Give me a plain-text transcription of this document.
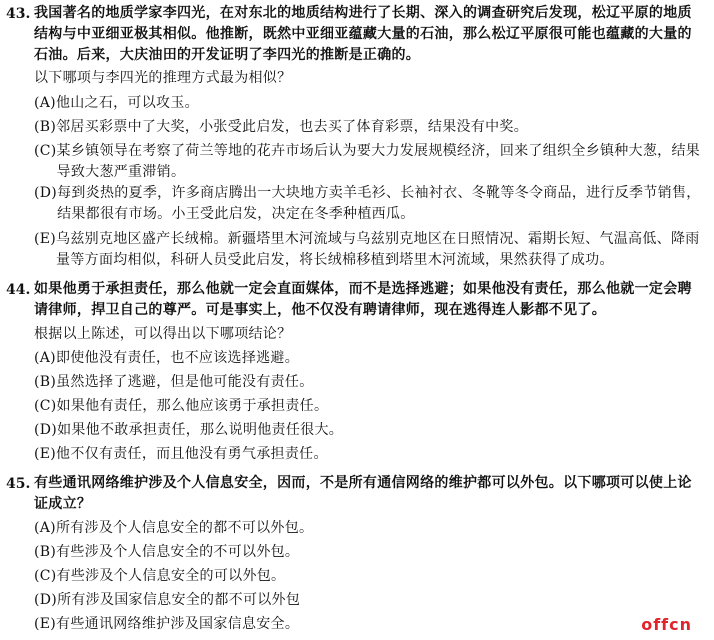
43. 我国著名的地质学家李四光，在对东北的地质结构进行了长期、深入的调查研究后发现，松辽平原的地质结构与中亚细亚极其相似。他推断，既然中亚细亚蕴藏大量的石油，那么松辽平原很可能也蕴藏的大量的石油。后来，大庆油田的开发证明了李四光的推断是正确的。
以下哪项与李四光的推理方式最为相似？
(A) 他山之石，可以攻玉。
(B) 邻居买彩票中了大奖，小张受此启发，也去买了体育彩票，结果没有中奖。
(C) 某乡镇领导在考察了荷兰等地的花卉市场后认为要大力发展规模经济，回来了组织全乡镇种大葱，结果导致大葱严重滞销。
(D) 每到炎热的夏季，许多商店腾出一大块地方卖羊毛衫、长袖衬衣、冬靴等冬令商品，进行反季节销售，结果都很有市场。小王受此启发，决定在冬季种植西瓜。
(E) 乌兹别克地区盛产长绒棉。新疆塔里木河流域与乌兹别克地区在日照情况、霜期长短、气温高低、降雨量等方面均相似，科研人员受此启发，将长绒棉移植到塔里木河流域，果然获得了成功。
44. 如果他勇于承担责任，那么他就一定会直面媒体，而不是选择逃避；如果他没有责任，那么他就一定会聘请律师，捍卫自己的尊严。可是事实上，他不仅没有聘请律师，现在逃得连人影都不见了。
根据以上陈述，可以得出以下哪项结论？
(A) 即使他没有责任，也不应该选择逃避。
(B) 虽然选择了逃避，但是他可能没有责任。
(C) 如果他有责任，那么他应该勇于承担责任。
(D) 如果他不敢承担责任，那么说明他责任很大。
(E) 他不仅有责任，而且他没有勇气承担责任。
45. 有些通讯网络维护涉及个人信息安全，因而，不是所有通信网络的维护都可以外包。以下哪项可以使上论证成立？
(A) 所有涉及个人信息安全的都不可以外包。
(B) 有些涉及个人信息安全的不可以外包。
(C) 有些涉及个人信息安全的可以外包。
(D) 所有涉及国家信息安全的都不可以外包
(E) 有些通讯网络维护涉及国家信息安全。	offcn
